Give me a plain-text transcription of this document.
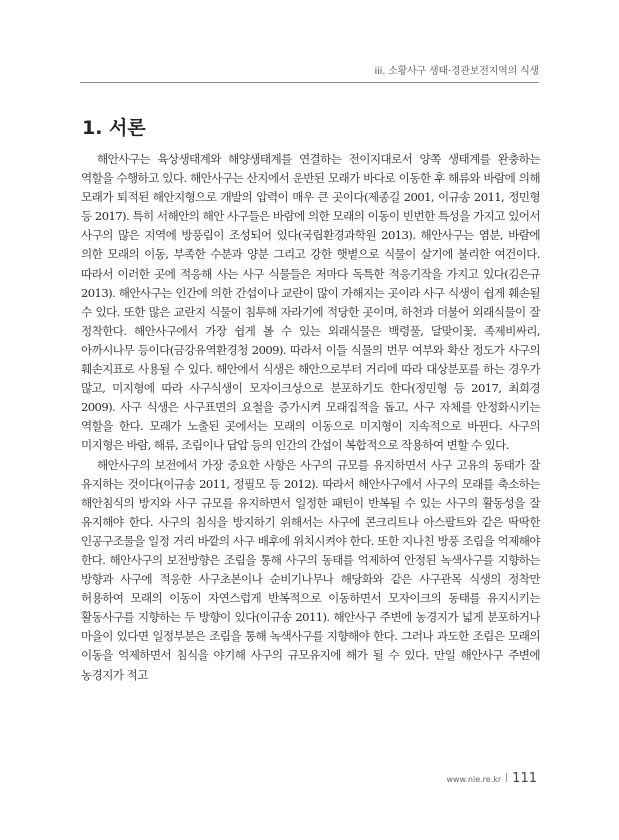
iii. 소황사구 생태·경관보전지역의 식생
1. 서론

해안사구는 육상생태계와 해양생태계를 연결하는 전이지대로서 양쪽 생태계를 완충하는 역할을 수행하고 있다. 해안사구는 산지에서 운반된 모래가 바다로 이동한 후 해류와 바람에 의해 모래가 퇴적된 해안지형으로 개발의 압력이 매우 큰 곳이다(제종길 2001, 이규송 2011, 정민형 등 2017). 특히 서해안의 해안 사구들은 바람에 의한 모래의 이동이 빈번한 특성을 가지고 있어서 사구의 많은 지역에 방풍림이 조성되어 있다(국립환경과학원 2013). 해안사구는 염분, 바람에 의한 모래의 이동, 부족한 수분과 양분 그리고 강한 햇볕으로 식물이 살기에 불리한 여건이다. 따라서 이러한 곳에 적응해 사는 사구 식물들은 저마다 독특한 적응기작을 가지고 있다(김은규 2013). 해안사구는 인간에 의한 간섭이나 교란이 많이 가해지는 곳이라 사구 식생이 쉽게 훼손될 수 있다. 또한 많은 교란지 식물이 침투해 자라기에 적당한 곳이며, 하천과 더불어 외래식물이 잘 정착한다. 해안사구에서 가장 쉽게 볼 수 있는 외래식물은 백령풀, 달맞이꽃, 족제비싸리, 아까시나무 등이다(금강유역환경청 2009). 따라서 이들 식물의 번무 여부와 확산 정도가 사구의 훼손지표로 사용될 수 있다. 해안에서 식생은 해안으로부터 거리에 따라 대상분포를 하는 경우가 많고, 미지형에 따라 사구식생이 모자이크상으로 분포하기도 한다(정민형 등 2017, 최희경 2009). 사구 식생은 사구표면의 요철을 증가시켜 모래집적을 돕고, 사구 자체를 안정화시키는 역할을 한다. 모래가 노출된 곳에서는 모래의 이동으로 미지형이 지속적으로 바뀐다. 사구의 미지형은 바람, 해류, 조림이나 답압 등의 인간의 간섭이 복합적으로 작용하여 변할 수 있다.

해안사구의 보전에서 가장 중요한 사항은 사구의 규모를 유지하면서 사구 고유의 동태가 잘 유지하는 것이다(이규송 2011, 정필모 등 2012). 따라서 해안사구에서 사구의 모래를 축소하는 해안침식의 방지와 사구 규모를 유지하면서 일정한 패턴이 반복될 수 있는 사구의 활동성을 잘 유지해야 한다. 사구의 침식을 방지하기 위해서는 사구에 콘크리트나 아스팔트와 같은 딱딱한 인공구조물을 일정 거리 바깥의 사구 배후에 위치시켜야 한다. 또한 지나친 방풍 조림을 억제해야 한다. 해안사구의 보전방향은 조림을 통해 사구의 동태를 억제하여 안정된 녹색사구를 지향하는 방향과 사구에 적응한 사구초본이나 순비기나무나 해당화와 같은 사구관목 식생의 정착만 허용하여 모래의 이동이 자연스럽게 반복적으로 이동하면서 모자이크의 동태를 유지시키는 활동사구를 지향하는 두 방향이 있다(이규송 2011). 해안사구 주변에 농경지가 넓게 분포하거나 마을이 있다면 일정부분은 조림을 통해 녹색사구를 지향해야 한다. 그러나 과도한 조림은 모래의 이동을 억제하면서 침식을 야기해 사구의 규모유지에 해가 될 수 있다. 만일 해안사구 주변에 농경지가 적고

www.nie.re.kr 111
